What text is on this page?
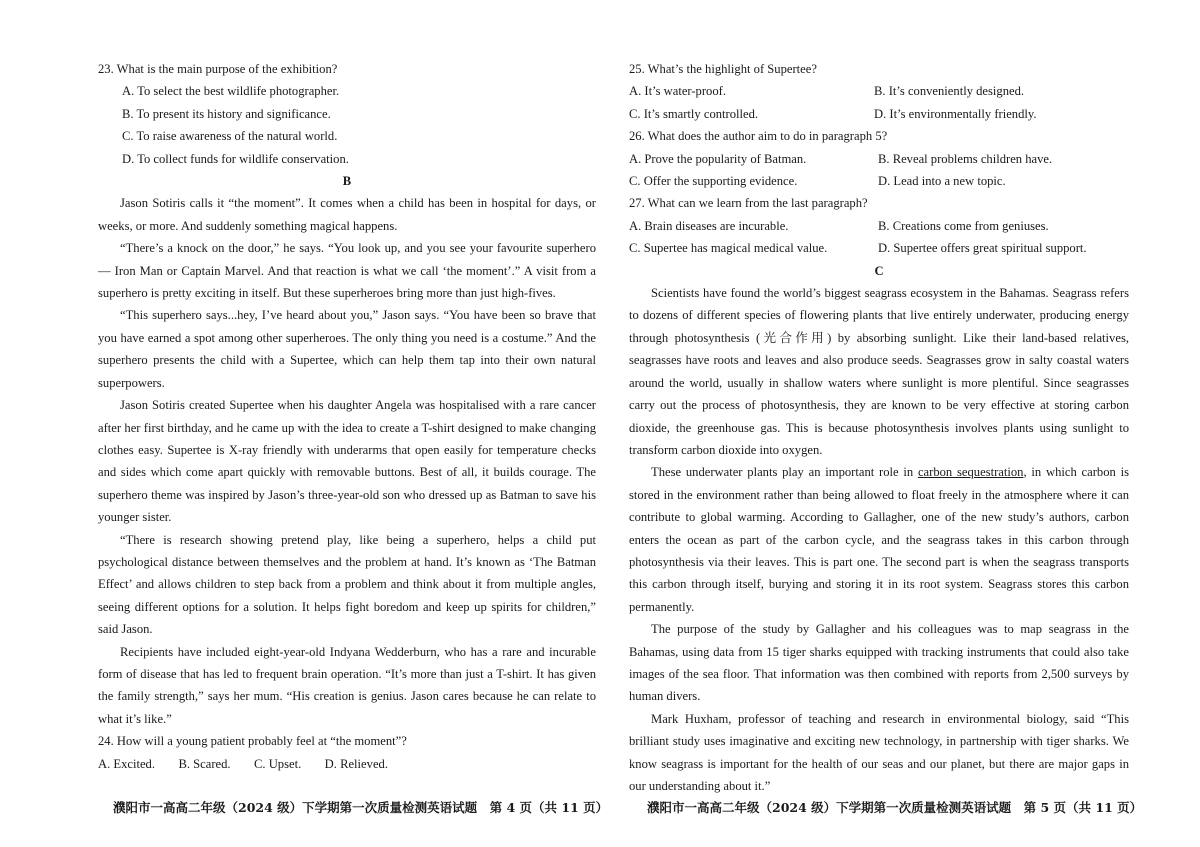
23. What is the main purpose of the exhibition?

A. To select the best wildlife photographer.

B. To present its history and significance.

C. To raise awareness of the natural world.

D. To collect funds for wildlife conservation.

B

Jason Sotiris calls it “the moment”. It comes when a child has been in hospital for days, or weeks, or more. And suddenly something magical happens.

“There’s a knock on the door,” he says. “You look up, and you see your favourite superhero — Iron Man or Captain Marvel. And that reaction is what we call ‘the moment’.” A visit from a superhero is pretty exciting in itself. But these superheroes bring more than just high-fives.

“This superhero says...hey, I’ve heard about you,” Jason says. “You have been so brave that you have earned a spot among other superheroes. The only thing you need is a costume.” And the superhero presents the child with a Supertee, which can help them tap into their own natural superpowers.

Jason Sotiris created Supertee when his daughter Angela was hospitalised with a rare cancer after her first birthday, and he came up with the idea to create a T-shirt designed to make changing clothes easy. Supertee is X-ray friendly with underarms that open easily for temperature checks and sides which come apart quickly with removable buttons. Best of all, it builds courage. The superhero theme was inspired by Jason’s three-year-old son who dressed up as Batman to save his younger sister.

“There is research showing pretend play, like being a superhero, helps a child put psychological distance between themselves and the problem at hand. It’s known as ‘The Batman Effect’ and allows children to step back from a problem and think about it from multiple angles, seeing different options for a solution. It helps fight boredom and keep up spirits for children,” said Jason.

Recipients have included eight-year-old Indyana Wedderburn, who has a rare and incurable form of disease that has led to frequent brain operation. “It’s more than just a T-shirt. It has given the family strength,” says her mum. “His creation is genius. Jason cares because he can relate to what it’s like.”

24. How will a young patient probably feel at “the moment”?

A. Excited. B. Scared. C. Upset. D. Relieved.

25. What’s the highlight of Supertee?

A. It’s water-proof.	B. It’s conveniently designed.
C. It’s smartly controlled.	D. It’s environmentally friendly.

26. What does the author aim to do in paragraph 5?

A. Prove the popularity of Batman.	B. Reveal problems children have.
C. Offer the supporting evidence.	D. Lead into a new topic.

27. What can we learn from the last paragraph?

A. Brain diseases are incurable.	B. Creations come from geniuses.
C. Supertee has magical medical value.	D. Supertee offers great spiritual support.

C

Scientists have found the world’s biggest seagrass ecosystem in the Bahamas. Seagrass refers to dozens of different species of flowering plants that live entirely underwater, producing energy through photosynthesis (光合作用) by absorbing sunlight. Like their land-based relatives, seagrasses have roots and leaves and also produce seeds. Seagrasses grow in salty coastal waters around the world, usually in shallow waters where sunlight is more plentiful. Since seagrasses carry out the process of photosynthesis, they are known to be very effective at storing carbon dioxide, the greenhouse gas. This is because photosynthesis involves plants using sunlight to transform carbon dioxide into oxygen.

These underwater plants play an important role in carbon sequestration, in which carbon is stored in the environment rather than being allowed to float freely in the atmosphere where it can contribute to global warming. According to Gallagher, one of the new study’s authors, carbon enters the ocean as part of the carbon cycle, and the seagrass takes in this carbon through photosynthesis via their leaves. This is part one. The second part is when the seagrass transports this carbon through itself, burying and storing it in its root system. Seagrass stores this carbon permanently.

The purpose of the study by Gallagher and his colleagues was to map seagrass in the Bahamas, using data from 15 tiger sharks equipped with tracking instruments that could also take images of the sea floor. That information was then combined with reports from 2,500 surveys by human divers.

Mark Huxham, professor of teaching and research in environmental biology, said “This brilliant study uses imaginative and exciting new technology, in partnership with tiger sharks. We know seagrass is important for the health of our seas and our planet, but there are major gaps in our understanding about it.”

濮阳市一高高二年级（2024 级）下学期第一次质量检测英语试题　第 4 页（共 11 页）	濮阳市一高高二年级（2024 级）下学期第一次质量检测英语试题　第 5 页（共 11 页）
